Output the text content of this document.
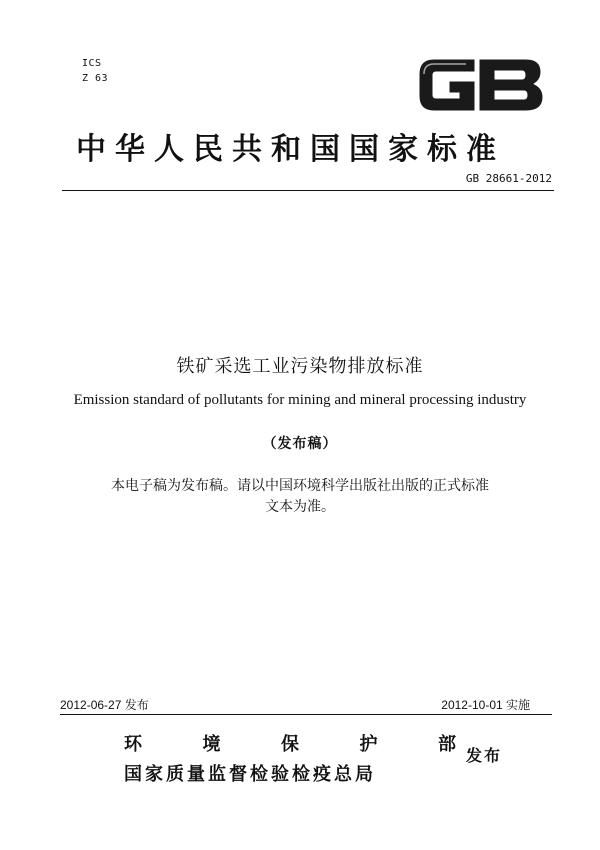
ICS
Z 63
中华人民共和国国家标准
GB 28661-2012
铁矿采选工业污染物排放标准
Emission standard of pollutants for mining and mineral processing industry
（发布稿）
本电子稿为发布稿。请以中国环境科学出版社出版的正式标准
文本为准。
2012-06-27 发布	2012-10-01 实施
环	境	保	护	部
发布
国家质量监督检验检疫总局
